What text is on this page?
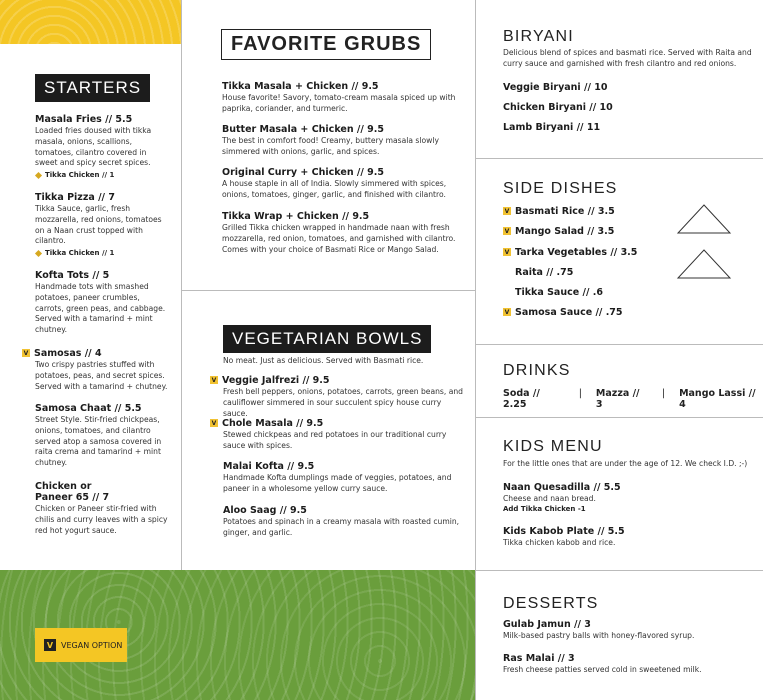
STARTERS
Masala Fries // 5.5
Loaded fries doused with tikka masala, onions, scallions, tomatoes, cilantro covered in sweet and spicy secret spices.
Tikka Chicken // 1
Tikka Pizza // 7
Tikka Sauce, garlic, fresh mozzarella, red onions, tomatoes on a Naan crust topped with cilantro.
Tikka Chicken // 1
Kofta Tots // 5
Handmade tots with smashed potatoes, paneer crumbles, carrots, green peas, and cabbage. Served with a tamarind + mint chutney.
V Samosas // 4
Two crispy pastries stuffed with potatoes, peas, and secret spices. Served with a tamarind + chutney.
Samosa Chaat // 5.5
Street Style. Stir-fried chickpeas, onions, tomatoes, and cilantro served atop a samosa covered in raita crema and tamarind + mint chutney.
Chicken or
Paneer 65 // 7
Chicken or Paneer stir-fried with chilis and curry leaves with a spicy red hot yogurt sauce.
FAVORITE GRUBS
Tikka Masala + Chicken // 9.5
House favorite! Savory, tomato-cream masala spiced up with paprika, coriander, and turmeric.
Butter Masala + Chicken // 9.5
The best in comfort food! Creamy, buttery masala slowly simmered with onions, garlic, and spices.
Original Curry + Chicken // 9.5
A house staple in all of India. Slowly simmered with spices, onions, tomatoes, ginger, garlic, and finished with cilantro.
Tikka Wrap + Chicken // 9.5
Grilled Tikka chicken wrapped in handmade naan with fresh mozzarella, red onion, tomatoes, and garnished with cilantro. Comes with your choice of Basmati Rice or Mango Salad.
VEGETARIAN BOWLS
No meat. Just as delicious. Served with Basmati rice.
V Veggie Jalfrezi // 9.5
Fresh bell peppers, onions, potatoes, carrots, green beans, and cauliflower simmered in sour succulent spicy house curry sauce.
V Chole Masala // 9.5
Stewed chickpeas and red potatoes in our traditional curry sauce with spices.
Malai Kofta // 9.5
Handmade Kofta dumplings made of veggies, potatoes, and paneer in a wholesome yellow curry sauce.
Aloo Saag // 9.5
Potatoes and spinach in a creamy masala with roasted cumin, ginger, and garlic.
V VEGAN OPTION
BIRYANI
Delicious blend of spices and basmati rice. Served with Raita and curry sauce and garnished with fresh cilantro and red onions.
Veggie Biryani // 10
Chicken Biryani // 10
Lamb Biryani // 11
SIDE DISHES
V Basmati Rice // 3.5
V Mango Salad // 3.5
V Tarka Vegetables // 3.5
Raita // .75
Tikka Sauce // .6
V Samosa Sauce // .75
DRINKS
Soda // 2.25
| Mazza // 3
| Mango Lassi // 4
KIDS MENU
For the little ones that are under the age of 12. We check I.D. ;-)
Naan Quesadilla // 5.5
Cheese and naan bread.
Add Tikka Chicken -1
Kids Kabob Plate // 5.5
Tikka chicken kabob and rice.
DESSERTS
Gulab Jamun // 3
Milk-based pastry balls with honey-flavored syrup.
Ras Malai // 3
Fresh cheese patties served cold in sweetened milk.
